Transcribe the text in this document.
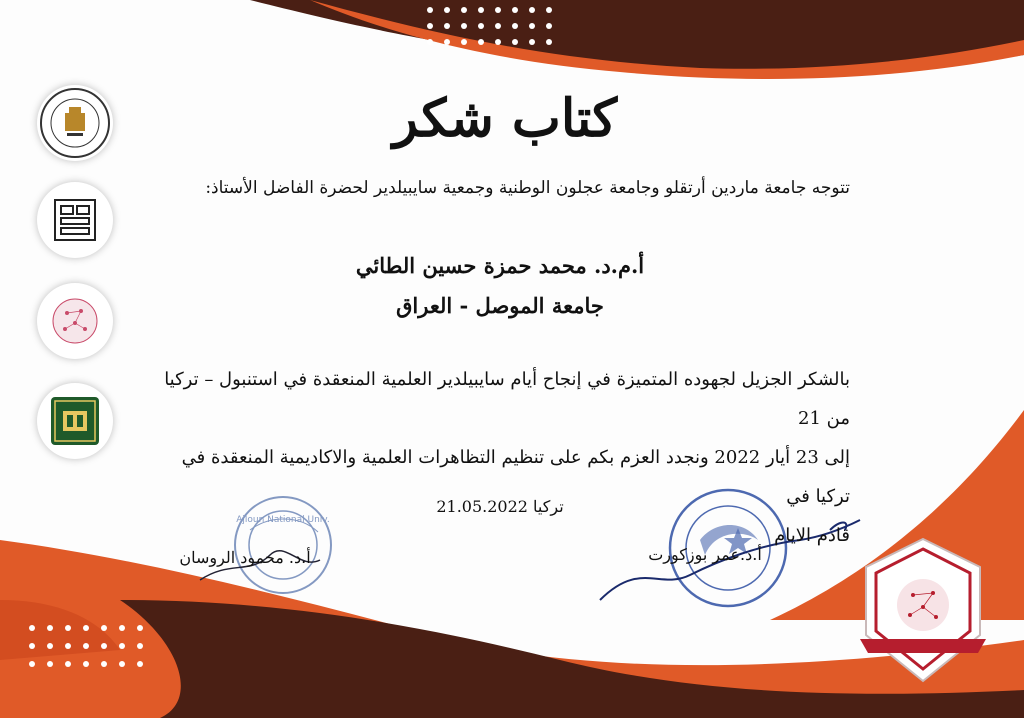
Ajloun National Univ.
كتاب شكر
تتوجه جامعة ماردين أرتقلو وجامعة عجلون الوطنية وجمعية سايبيلدير لحضرة الفاضل الأستاذ:
أ.م.د. محمد حمزة حسين الطائي
جامعة الموصل - العراق
بالشكر الجزيل لجهوده المتميزة في إنجاح أيام سايبيلدير العلمية المنعقدة في استنبول – تركيا من 21
إلى 23 أيار 2022 ونجدد العزم بكم على تنظيم التظاهرات العلمية والاكاديمية المنعقدة في تركيا في
قادم الايام
تركيا 21.05.2022
أ.د. محمود الروسان	أ.د.عمر بوزكورت
